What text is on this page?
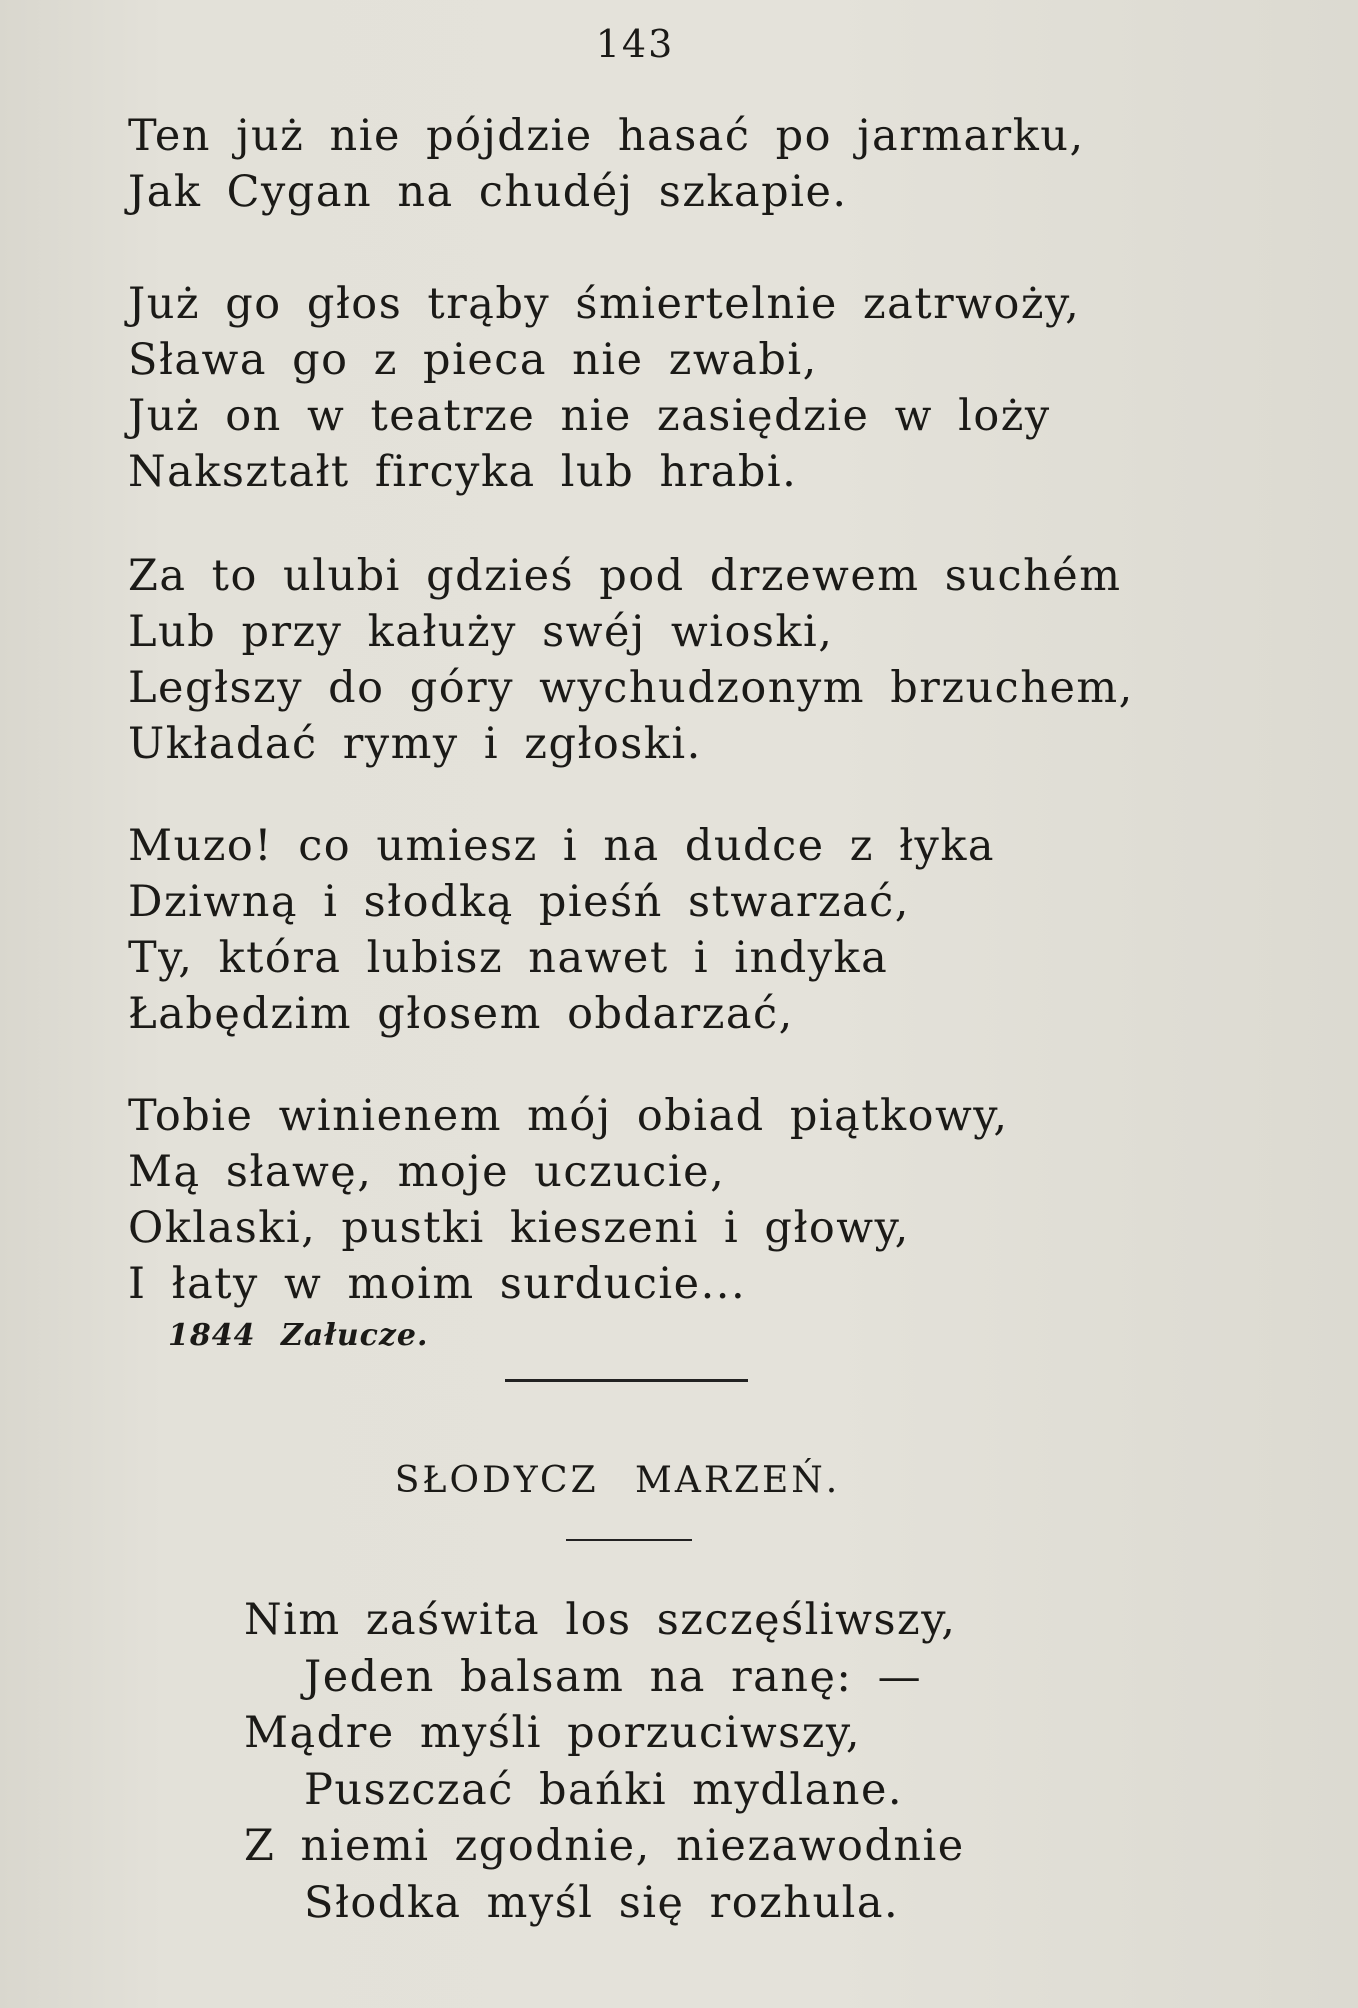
143
Ten już nie pójdzie hasać po jarmarku,
Jak Cygan na chudéj szkapie.
Już go głos trąby śmiertelnie zatrwoży,
Sława go z pieca nie zwabi,
Już on w teatrze nie zasiędzie w loży
Nakształt fircyka lub hrabi.
Za to ulubi gdzieś pod drzewem suchém
Lub przy kałuży swéj wioski,
Ległszy do góry wychudzonym brzuchem,
Układać rymy i zgłoski.
Muzo! co umiesz i na dudce z łyka
Dziwną i słodką pieśń stwarzać,
Ty, która lubisz nawet i indyka
Łabędzim głosem obdarzać,
Tobie winienem mój obiad piątkowy,
Mą sławę, moje uczucie,
Oklaski, pustki kieszeni i głowy,
I łaty w moim surducie...
1844 Załucze.
SŁODYCZ MARZEŃ.
Nim zaświta los szczęśliwszy,
Jeden balsam na ranę: —
Mądre myśli porzuciwszy,
Puszczać bańki mydlane.
Z niemi zgodnie, niezawodnie
Słodka myśl się rozhula.
